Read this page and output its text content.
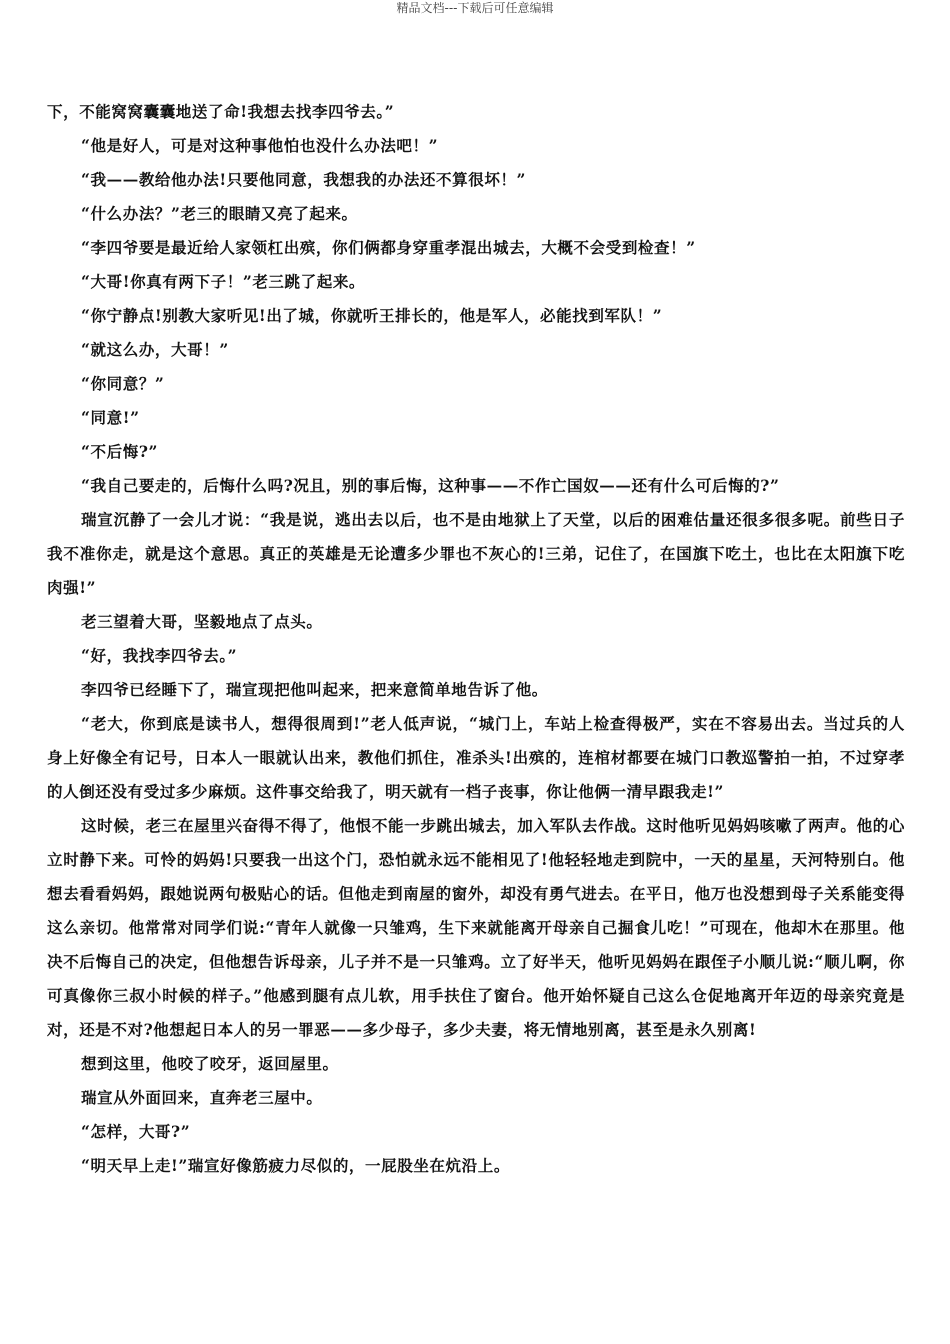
精品文档---下载后可任意编辑

下，不能窝窝囊囊地送了命!我想去找李四爷去。”

“他是好人，可是对这种事他怕也没什么办法吧！”

“我——教给他办法!只要他同意，我想我的办法还不算很坏！”

“什么办法？”老三的眼睛又亮了起来。

“李四爷要是最近给人家领杠出殡，你们俩都身穿重孝混出城去，大概不会受到检查！”

“大哥!你真有两下子！”老三跳了起来。

“你宁静点!别教大家听见!出了城，你就听王排长的，他是军人，必能找到军队！”

“就这么办，大哥！”

“你同意？”

“同意!”

“不后悔?”

“我自己要走的，后悔什么吗?况且，别的事后悔，这种事——不作亡国奴——还有什么可后悔的?”

瑞宣沉静了一会儿才说：“我是说，逃出去以后，也不是由地狱上了天堂，以后的困难估量还很多很多呢。前些日子我不准你走，就是这个意思。真正的英雄是无论遭多少罪也不灰心的!三弟，记住了，在国旗下吃土，也比在太阳旗下吃肉强!”

老三望着大哥，坚毅地点了点头。

“好，我找李四爷去。”

李四爷已经睡下了，瑞宣现把他叫起来，把来意简单地告诉了他。

“老大，你到底是读书人，想得很周到!”老人低声说，“城门上，车站上检查得极严，实在不容易出去。当过兵的人身上好像全有记号，日本人一眼就认出来，教他们抓住，准杀头!出殡的，连棺材都要在城门口教巡警拍一拍，不过穿孝的人倒还没有受过多少麻烦。这件事交给我了，明天就有一档子丧事，你让他俩一清早跟我走!”

这时候，老三在屋里兴奋得不得了，他恨不能一步跳出城去，加入军队去作战。这时他听见妈妈咳嗽了两声。他的心立时静下来。可怜的妈妈!只要我一出这个门，恐怕就永远不能相见了!他轻轻地走到院中，一天的星星，天河特别白。他想去看看妈妈，跟她说两句极贴心的话。但他走到南屋的窗外，却没有勇气进去。在平日，他万也没想到母子关系能变得这么亲切。他常常对同学们说:“青年人就像一只雏鸡，生下来就能离开母亲自己掘食儿吃！”可现在，他却木在那里。他决不后悔自己的决定，但他想告诉母亲，儿子并不是一只雏鸡。立了好半天，他听见妈妈在跟侄子小顺儿说:“顺儿啊，你可真像你三叔小时候的样子。”他感到腿有点儿软，用手扶住了窗台。他开始怀疑自己这么仓促地离开年迈的母亲究竟是对，还是不对?他想起日本人的另一罪恶——多少母子，多少夫妻，将无情地别离，甚至是永久别离!

想到这里，他咬了咬牙，返回屋里。

瑞宣从外面回来，直奔老三屋中。

“怎样，大哥?”

“明天早上走!”瑞宣好像筋疲力尽似的，一屁股坐在炕沿上。
